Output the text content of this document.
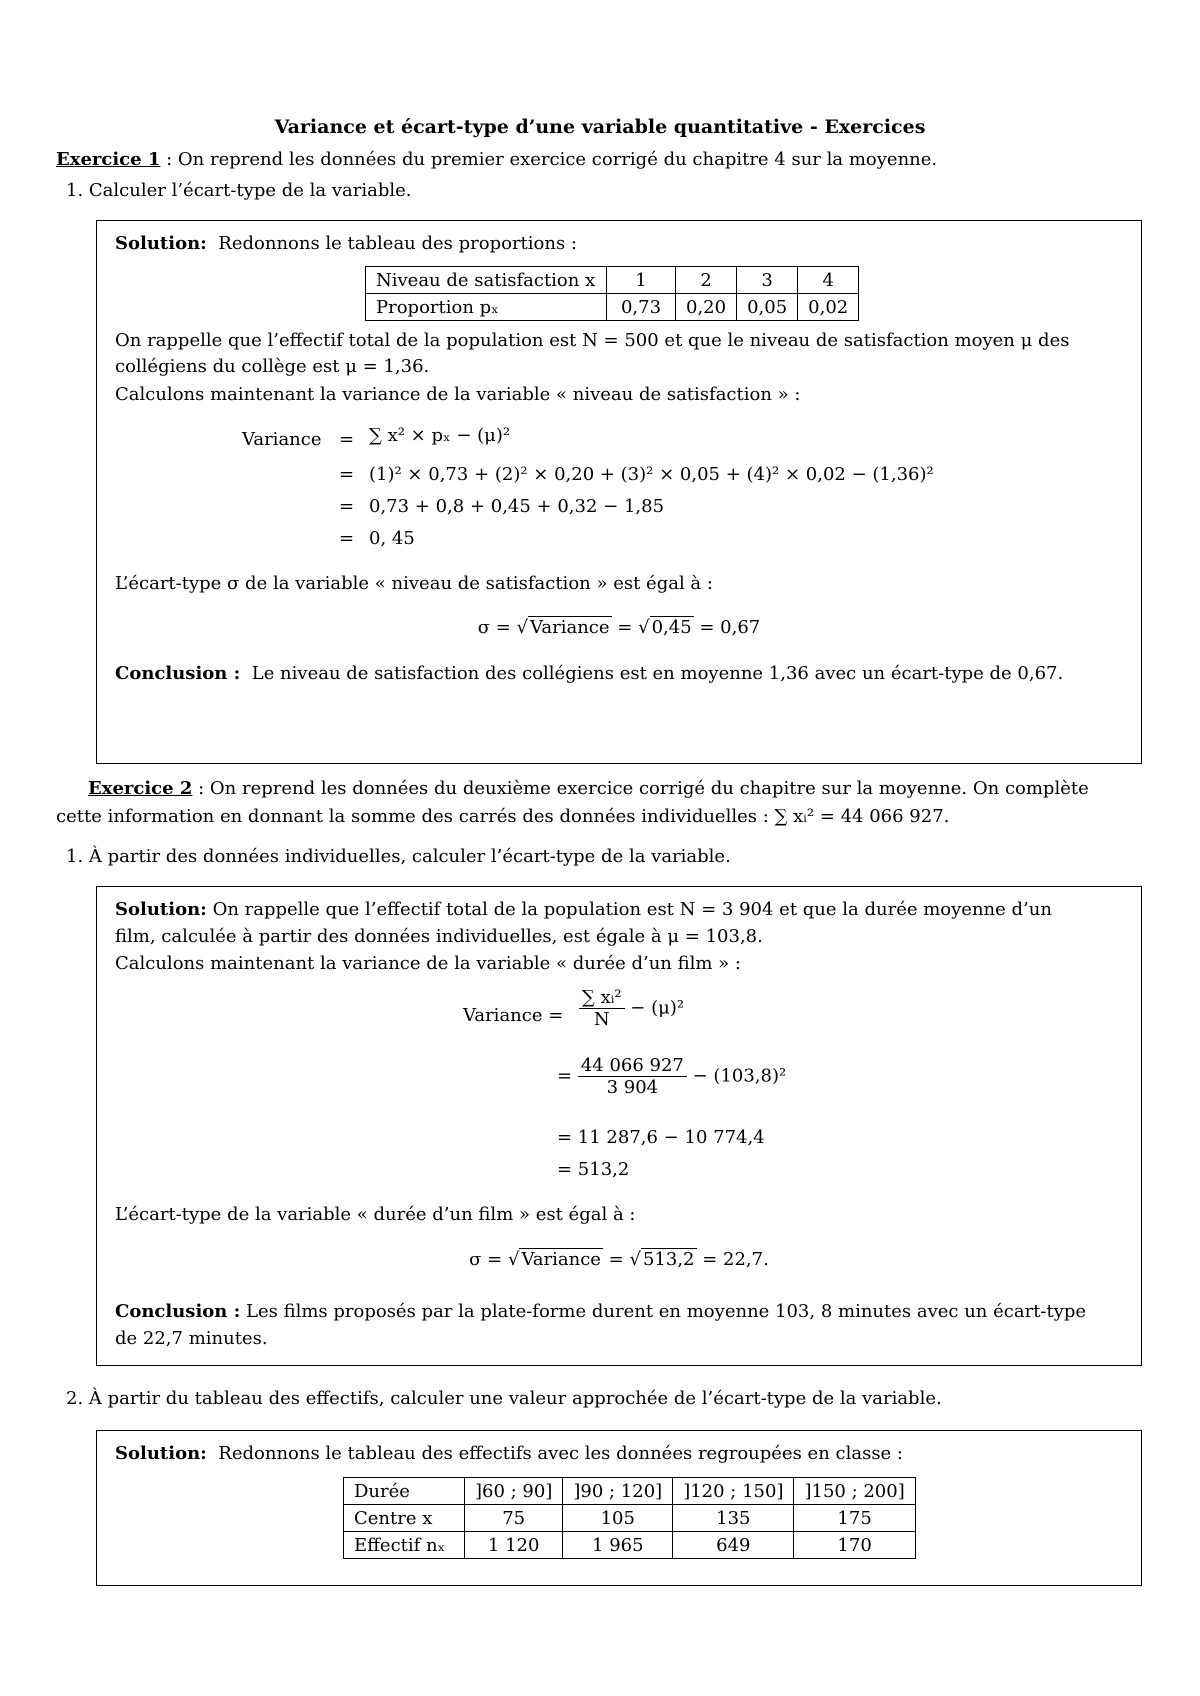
Variance et écart-type d’une variable quantitative - Exercices
Exercice 1 : On reprend les données du premier exercice corrigé du chapitre 4 sur la moyenne.
1. Calculer l’écart-type de la variable.
Solution: Redonnons le tableau des proportions :
Niveau de satisfaction x	1	2	3	4
Proportion pₓ	0,73	0,20	0,05	0,02
On rappelle que l’effectif total de la population est N = 500 et que le niveau de satisfaction moyen μ des
collégiens du collège est μ = 1,36.
Calculons maintenant la variance de la variable « niveau de satisfaction » :
Variance = ∑ x² × pₓ − (μ)²
= (1)² × 0,73 + (2)² × 0,20 + (3)² × 0,05 + (4)² × 0,02 − (1,36)²
= 0,73 + 0,8 + 0,45 + 0,32 − 1,85
= 0, 45
L’écart-type σ de la variable « niveau de satisfaction » est égal à :
σ = √ Variance = √ 0,45 = 0,67
Conclusion : Le niveau de satisfaction des collégiens est en moyenne 1,36 avec un écart-type de 0,67.
Exercice 2 : On reprend les données du deuxième exercice corrigé du chapitre sur la moyenne. On complète
cette information en donnant la somme des carrés des données individuelles : ∑ xᵢ² = 44 066 927.
1. À partir des données individuelles, calculer l’écart-type de la variable.
Solution: On rappelle que l’effectif total de la population est N = 3 904 et que la durée moyenne d’un
film, calculée à partir des données individuelles, est égale à μ = 103,8.
Calculons maintenant la variance de la variable « durée d’un film » :
Variance = $\frac{\text{∑ xᵢ²}}{N} - (\mu)^2$
= $\frac{44 066 927}{3 904} - (103,8)^2$
= 11 287,6 − 10 774,4
= 513,2
L’écart-type de la variable « durée d’un film » est égal à :
σ = √ Variance = √ 513,2 = 22,7.
Conclusion : Les films proposés par la plate-forme durent en moyenne 103, 8 minutes avec un écart-type
de 22,7 minutes.
2. À partir du tableau des effectifs, calculer une valeur approchée de l’écart-type de la variable.
Solution: Redonnons le tableau des effectifs avec les données regroupées en classe :
Durée	]60 ; 90]	]90 ; 120]	]120 ; 150]	]150 ; 200]
Centre x	75	105	135	175
Effectif nₓ	1 120	1 965	649	170
